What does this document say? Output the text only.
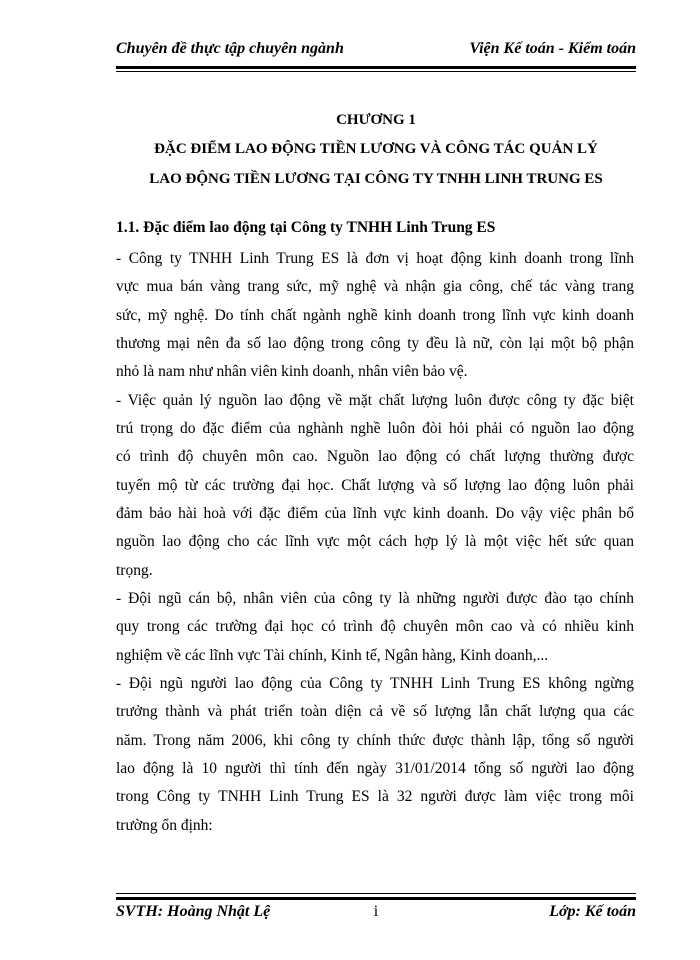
Chuyên đề thực tập chuyên ngành	Viện Kế toán - Kiểm toán
CHƯƠNG 1
ĐẶC ĐIỂM LAO ĐỘNG TIỀN LƯƠNG VÀ CÔNG TÁC QUẢN LÝ
LAO ĐỘNG TIỀN LƯƠNG TẠI CÔNG TY TNHH LINH TRUNG ES
1.1. Đặc điểm lao động tại Công ty TNHH Linh Trung ES
- Công ty TNHH Linh Trung ES là đơn vị hoạt động kinh doanh trong lĩnh
vực mua bán vàng trang sức, mỹ nghệ và nhận gia công, chế tác vàng trang
sức, mỹ nghệ. Do tính chất ngành nghề kinh doanh trong lĩnh vực kinh doanh
thương mại nên đa số lao động trong công ty đều là nữ, còn lại một bộ phận
nhỏ là nam như nhân viên kinh doanh, nhân viên bảo vệ.
- Việc quản lý nguồn lao động về mặt chất lượng luôn được công ty đặc biệt
trú trọng do đặc điểm của nghành nghề luôn đòi hỏi phải có nguồn lao động
có trình độ chuyên môn cao. Nguồn lao động có chất lượng thường được
tuyển mộ từ các trường đại học. Chất lượng và số lượng lao động luôn phải
đảm bảo hài hoà với đặc điểm của lĩnh vực kinh doanh. Do vậy việc phân bổ
nguồn lao động cho các lĩnh vực một cách hợp lý là một việc hết sức quan
trọng.
- Đội ngũ cán bộ, nhân viên của công ty là những người được đào tạo chính
quy trong các trường đại học có trình độ chuyên môn cao và có nhiều kinh
nghiệm về các lĩnh vực Tài chính, Kinh tế, Ngân hàng, Kinh doanh,...
- Đội ngũ người lao động của Công ty TNHH Linh Trung ES không ngừng
trưởng thành và phát triển toàn diện cả về số lượng lẫn chất lượng qua các
năm. Trong năm 2006, khi công ty chính thức được thành lập, tổng số người
lao động là 10 người thì tính đến ngày 31/01/2014 tổng số người lao động
trong Công ty TNHH Linh Trung ES là 32 người được làm việc trong môi
trường ổn định:
SVTH: Hoàng Nhật Lệ	i	Lớp: Kế toán
